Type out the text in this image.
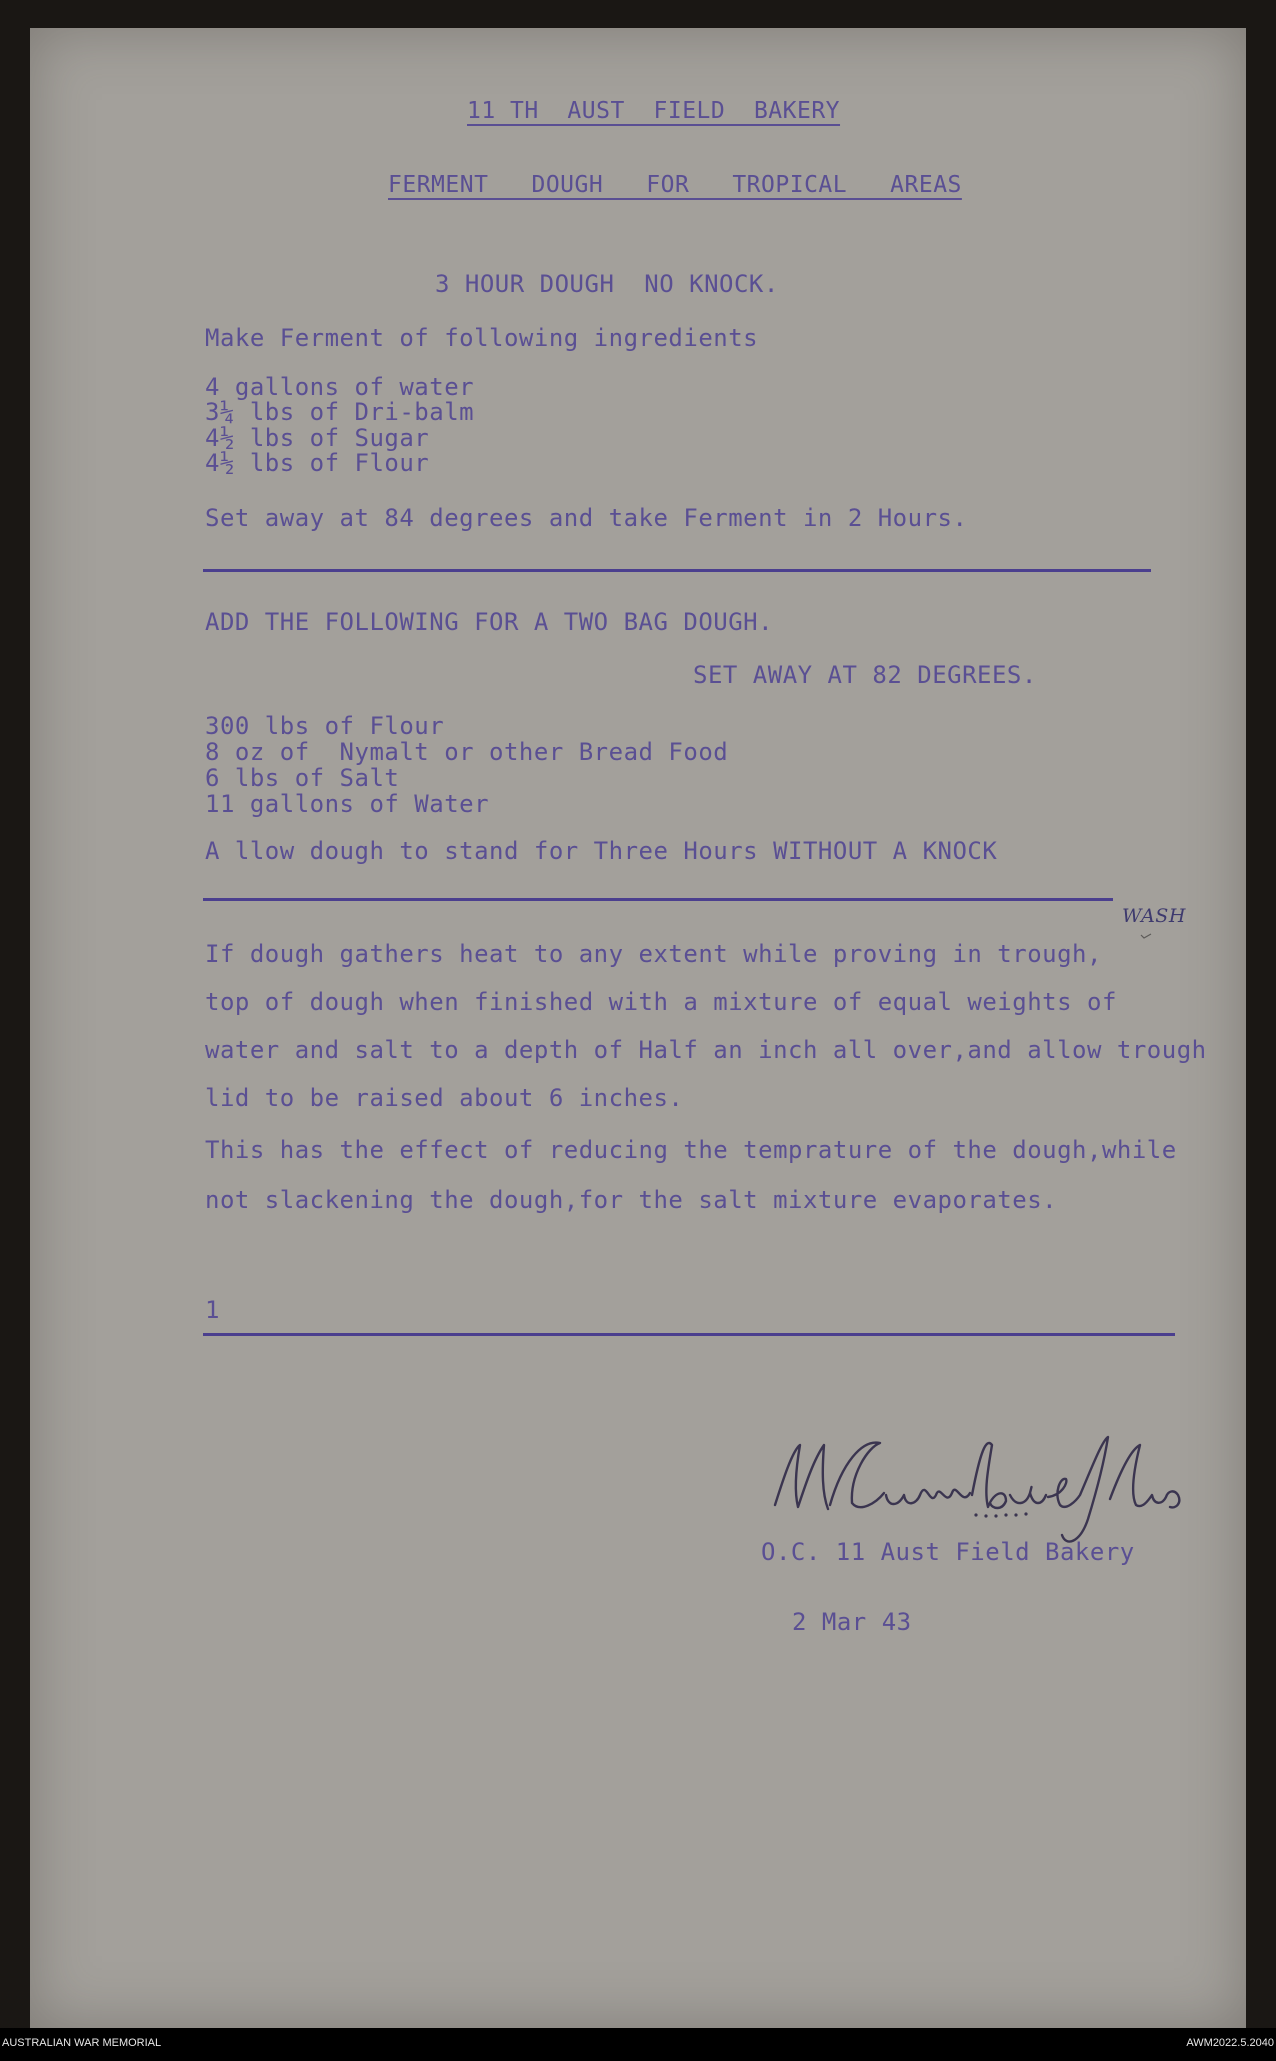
11 TH  AUST  FIELD  BAKERY
FERMENT   DOUGH   FOR   TROPICAL   AREAS
3 HOUR DOUGH  NO KNOCK.
Make Ferment of following ingredients
4 gallons of water
3¼ lbs of Dri-balm
4½ lbs of Sugar
4½ lbs of Flour
Set away at 84 degrees and take Ferment in 2 Hours.
ADD THE FOLLOWING FOR A TWO BAG DOUGH.
SET AWAY AT 82 DEGREES.
300 lbs of Flour
8 oz of  Nymalt or other Bread Food
6 lbs of Salt
11 gallons of Water
A llow dough to stand for Three Hours WITHOUT A KNOCK
WASH
If dough gathers heat to any extent while proving in trough,
top of dough when finished with a mixture of equal weights of
water and salt to a depth of Half an inch all over,and allow trough
lid to be raised about 6 inches.
This has the effect of reducing the temprature of the dough,while
not slackening the dough,for the salt mixture evaporates.
1
O.C. 11 Aust Field Bakery
2 Mar 43
AUSTRALIAN WAR MEMORIAL	AWM2022.5.2040
